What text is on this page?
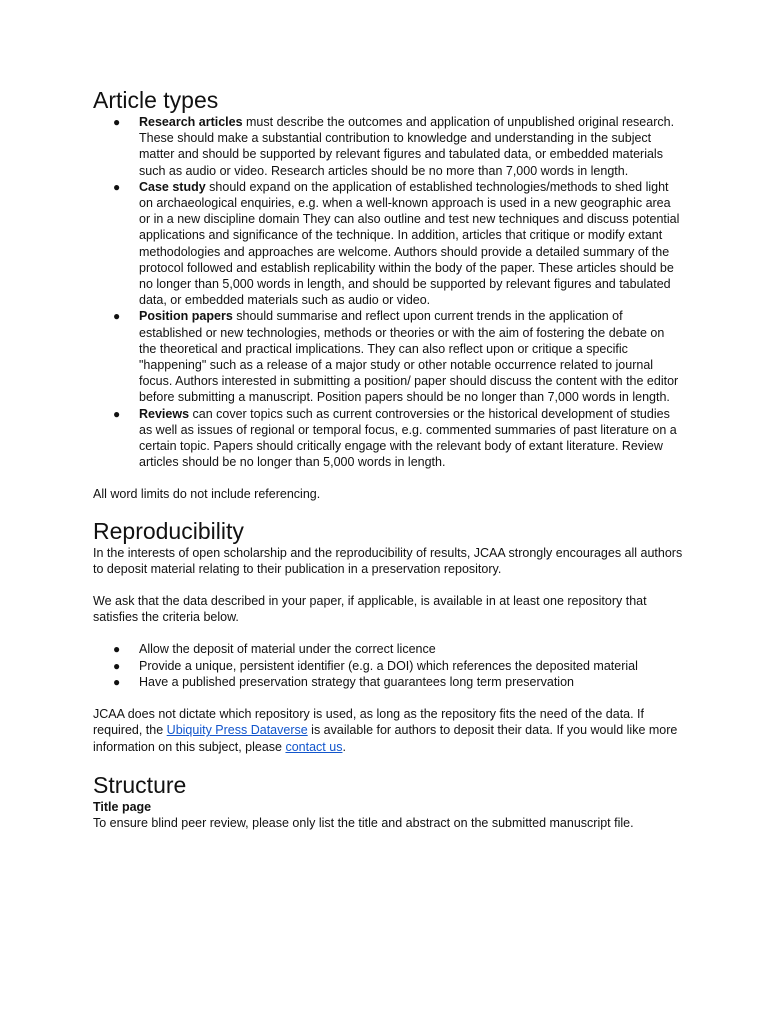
Article types
● Research articles must describe the outcomes and application of unpublished original research. These should make a substantial contribution to knowledge and understanding in the subject matter and should be supported by relevant figures and tabulated data, or embedded materials such as audio or video. Research articles should be no more than 7,000 words in length.
● Case study should expand on the application of established technologies/methods to shed light on archaeological enquiries, e.g. when a well-known approach is used in a new geographic area or in a new discipline domain They can also outline and test new techniques and discuss potential applications and significance of the technique. In addition, articles that critique or modify extant methodologies and approaches are welcome. Authors should provide a detailed summary of the protocol followed and establish replicability within the body of the paper. These articles should be no longer than 5,000 words in length, and should be supported by relevant figures and tabulated data, or embedded materials such as audio or video.
● Position papers should summarise and reflect upon current trends in the application of established or new technologies, methods or theories or with the aim of fostering the debate on the theoretical and practical implications. They can also reflect upon or critique a specific "happening" such as a release of a major study or other notable occurrence related to journal focus. Authors interested in submitting a position/ paper should discuss the content with the editor before submitting a manuscript. Position papers should be no longer than 7,000 words in length.
● Reviews can cover topics such as current controversies or the historical development of studies as well as issues of regional or temporal focus, e.g. commented summaries of past literature on a certain topic. Papers should critically engage with the relevant body of extant literature. Review articles should be no longer than 5,000 words in length.

All word limits do not include referencing.

Reproducibility

In the interests of open scholarship and the reproducibility of results, JCAA strongly encourages all authors to deposit material relating to their publication in a preservation repository.

We ask that the data described in your paper, if applicable, is available in at least one repository that satisfies the criteria below.

● Allow the deposit of material under the correct licence
● Provide a unique, persistent identifier (e.g. a DOI) which references the deposited material
● Have a published preservation strategy that guarantees long term preservation

JCAA does not dictate which repository is used, as long as the repository fits the need of the data. If required, the Ubiquity Press Dataverse is available for authors to deposit their data. If you would like more information on this subject, please contact us.

Structure
Title page

To ensure blind peer review, please only list the title and abstract on the submitted manuscript file.
